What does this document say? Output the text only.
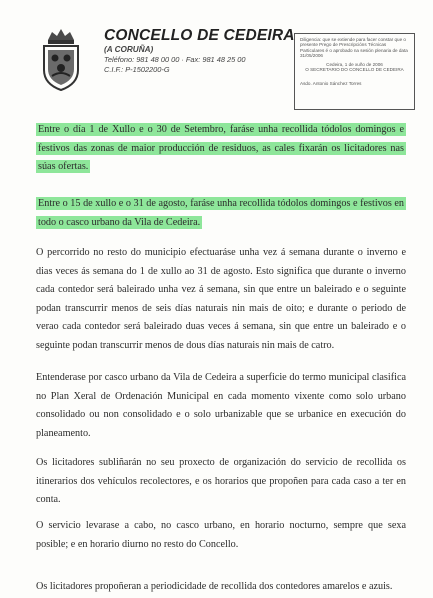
CONCELLO DE CEDEIRA
(A CORUÑA)
Teléfono: 981 48 00 00 · Fax: 981 48 25 00
C.I.F.: P-1502200-G
Diligencia: que se extiende para facer constar que o presente Prego de Prescripcións Técnicas Particulares é o aprobado na sesión plenaria de data 31/05/2006
Cedeira, 1 de xuño de 2006
O SECRETARIO DO CONCELLO DE CEDEIRA
Asdo. Antonio Sánchez Torres
Entre o día 1 de Xullo e o 30 de Setembro, faráse unha recollida tódolos domingos e festivos das zonas de maior producción de residuos, as cales fixarán os licitadores nas súas ofertas.
Entre o 15 de xullo e o 31 de agosto, faráse unha recollida tódolos domingos e festivos en todo o casco urbano da Vila de Cedeira.
O percorrido no resto do municipio efectuaráse unha vez á semana durante o inverno e dias veces ás semana do 1 de xullo ao 31 de agosto. Esto significa que durante o inverno cada contedor será baleirado unha vez á semana, sin que entre un baleirado e o seguinte podan transcurrir menos de seis días naturais nin mais de oito; e durante o periodo de verao cada contedor será baleirado duas veces á semana, sin que entre un baleirado e o seguinte podan transcurrir menos de dous días naturais nin mais de catro.
Entenderase por casco urbano da Vila de Cedeira a superficie do termo municipal clasifica no Plan Xeral de Ordenación Municipal en cada momento vixente como solo urbano consolidado ou non consolidado e o solo urbanizable que se urbanice en execución do planeamento.
Os licitadores subliñarán no seu proxecto de organización do servicio de recollida os itinerarios dos vehículos recolectores, e os horarios que propoñen para cada caso a ter en conta.
O servicio levarase a cabo, no casco urbano, en horario nocturno, sempre que sexa posible; e en horario diurno no resto do Concello.
Os licitadores propoñeran a periodicidade de recollida dos contedores amarelos e azuis.
